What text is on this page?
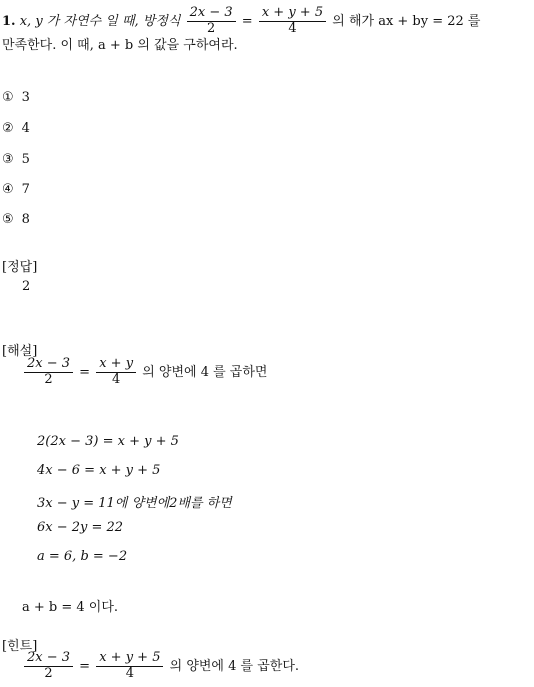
1. x, y 가 자연수 일 때, 방정식 $\frac{2x - 3}{2} = \frac{x + y + 5}{4}$ 의 해가 ax + by = 22 를
만족한다. 이 때, a + b 의 값을 구하여라.
① 3
② 4
③ 5
④ 7
⑤ 8
[정답]
2
[해설]
$\frac{2x - 3}{2} = \frac{x + y}{4}$ 의 양변에 4 를 곱하면
2(2x − 3) = x + y + 5
4x − 6 = x + y + 5
3x − y = 11에 양변에2배를 하면
6x − 2y = 22
a = 6, b = −2
a + b = 4 이다.
[힌트]
$\frac{2x - 3}{2} = \frac{x + y + 5}{4}$ 의 양변에 4 를 곱한다.
